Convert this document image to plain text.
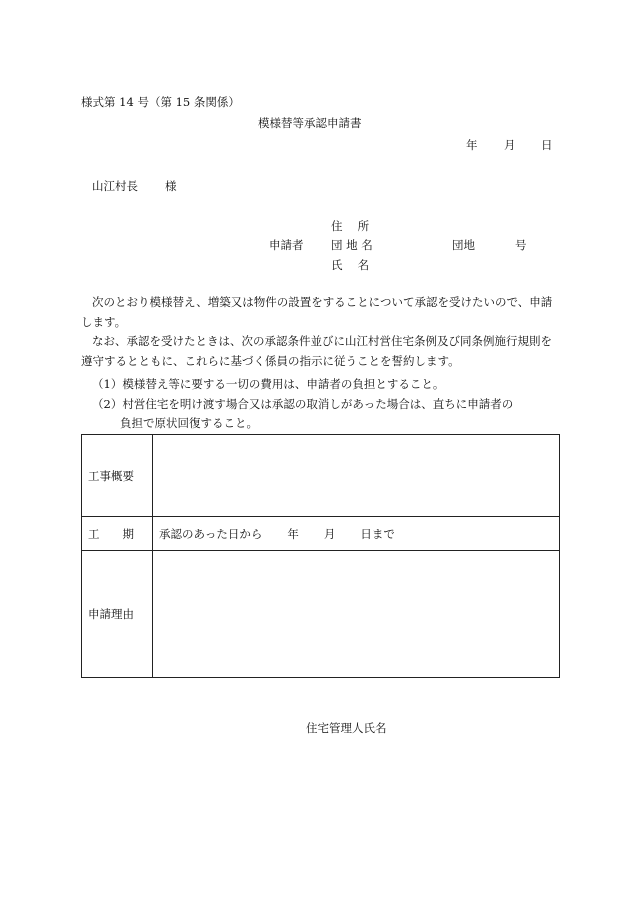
様式第 14 号（第 15 条関係）
模様替等承認申請書
年 月 日
山江村長 様
住　 所
申請者 団 地 名	団地	号
氏　 名
次のとおり模様替え、増築又は物件の設置をすることについて承認を受けたいので、申請します。
なお、承認を受けたときは、次の承認条件並びに山江村営住宅条例及び同条例施行規則を遵守するとともに、これらに基づく係員の指示に従うことを誓約します。
（1）模様替え等に要する一切の費用は、申請者の負担とすること。
（2）村営住宅を明け渡す場合又は承認の取消しがあった場合は、直ちに申請者の
負担で原状回復すること。
工事概要	
工　　期	承認のあった日から 年 月 日まで
申請理由	
住宅管理人氏名
